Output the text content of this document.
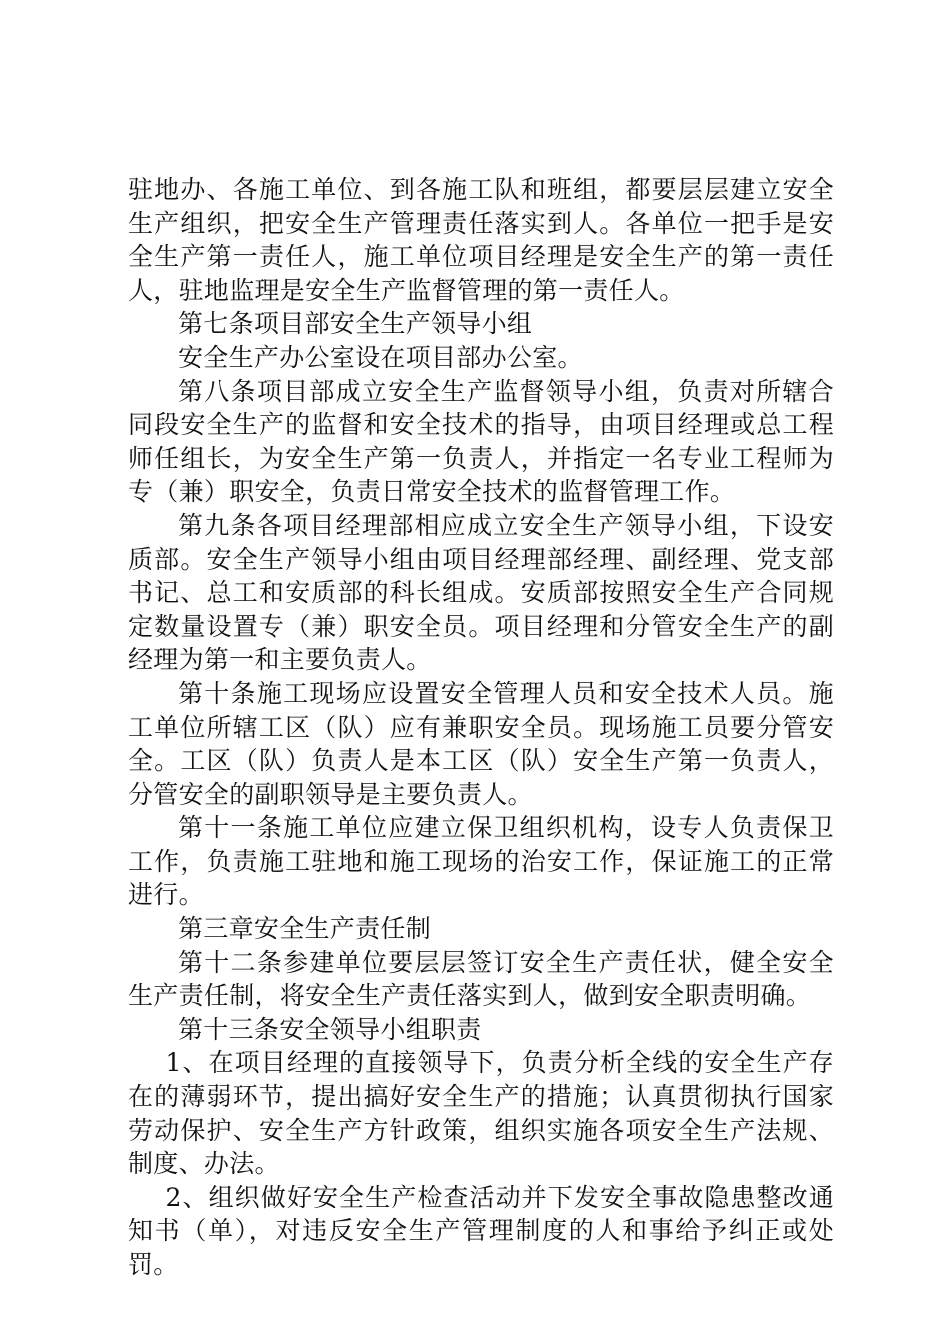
驻地办、各施工单位、到各施工队和班组，都要层层建立安全生产组织，把安全生产管理责任落实到人。各单位一把手是安全生产第一责任人，施工单位项目经理是安全生产的第一责任人，驻地监理是安全生产监督管理的第一责任人。

第七条项目部安全生产领导小组

安全生产办公室设在项目部办公室。

第八条项目部成立安全生产监督领导小组，负责对所辖合同段安全生产的监督和安全技术的指导，由项目经理或总工程师任组长，为安全生产第一负责人，并指定一名专业工程师为专（兼）职安全，负责日常安全技术的监督管理工作。

第九条各项目经理部相应成立安全生产领导小组，下设安质部。安全生产领导小组由项目经理部经理、副经理、党支部书记、总工和安质部的科长组成。安质部按照安全生产合同规定数量设置专（兼）职安全员。项目经理和分管安全生产的副经理为第一和主要负责人。

第十条施工现场应设置安全管理人员和安全技术人员。施工单位所辖工区（队）应有兼职安全员。现场施工员要分管安全。工区（队）负责人是本工区（队）安全生产第一负责人，分管安全的副职领导是主要负责人。

第十一条施工单位应建立保卫组织机构，设专人负责保卫工作，负责施工驻地和施工现场的治安工作，保证施工的正常进行。

第三章安全生产责任制

第十二条参建单位要层层签订安全生产责任状，健全安全生产责任制，将安全生产责任落实到人，做到安全职责明确。

第十三条安全领导小组职责

1、在项目经理的直接领导下，负责分析全线的安全生产存在的薄弱环节，提出搞好安全生产的措施；认真贯彻执行国家劳动保护、安全生产方针政策，组织实施各项安全生产法规、制度、办法。

2、组织做好安全生产检查活动并下发安全事故隐患整改通知书（单），对违反安全生产管理制度的人和事给予纠正或处罚。
